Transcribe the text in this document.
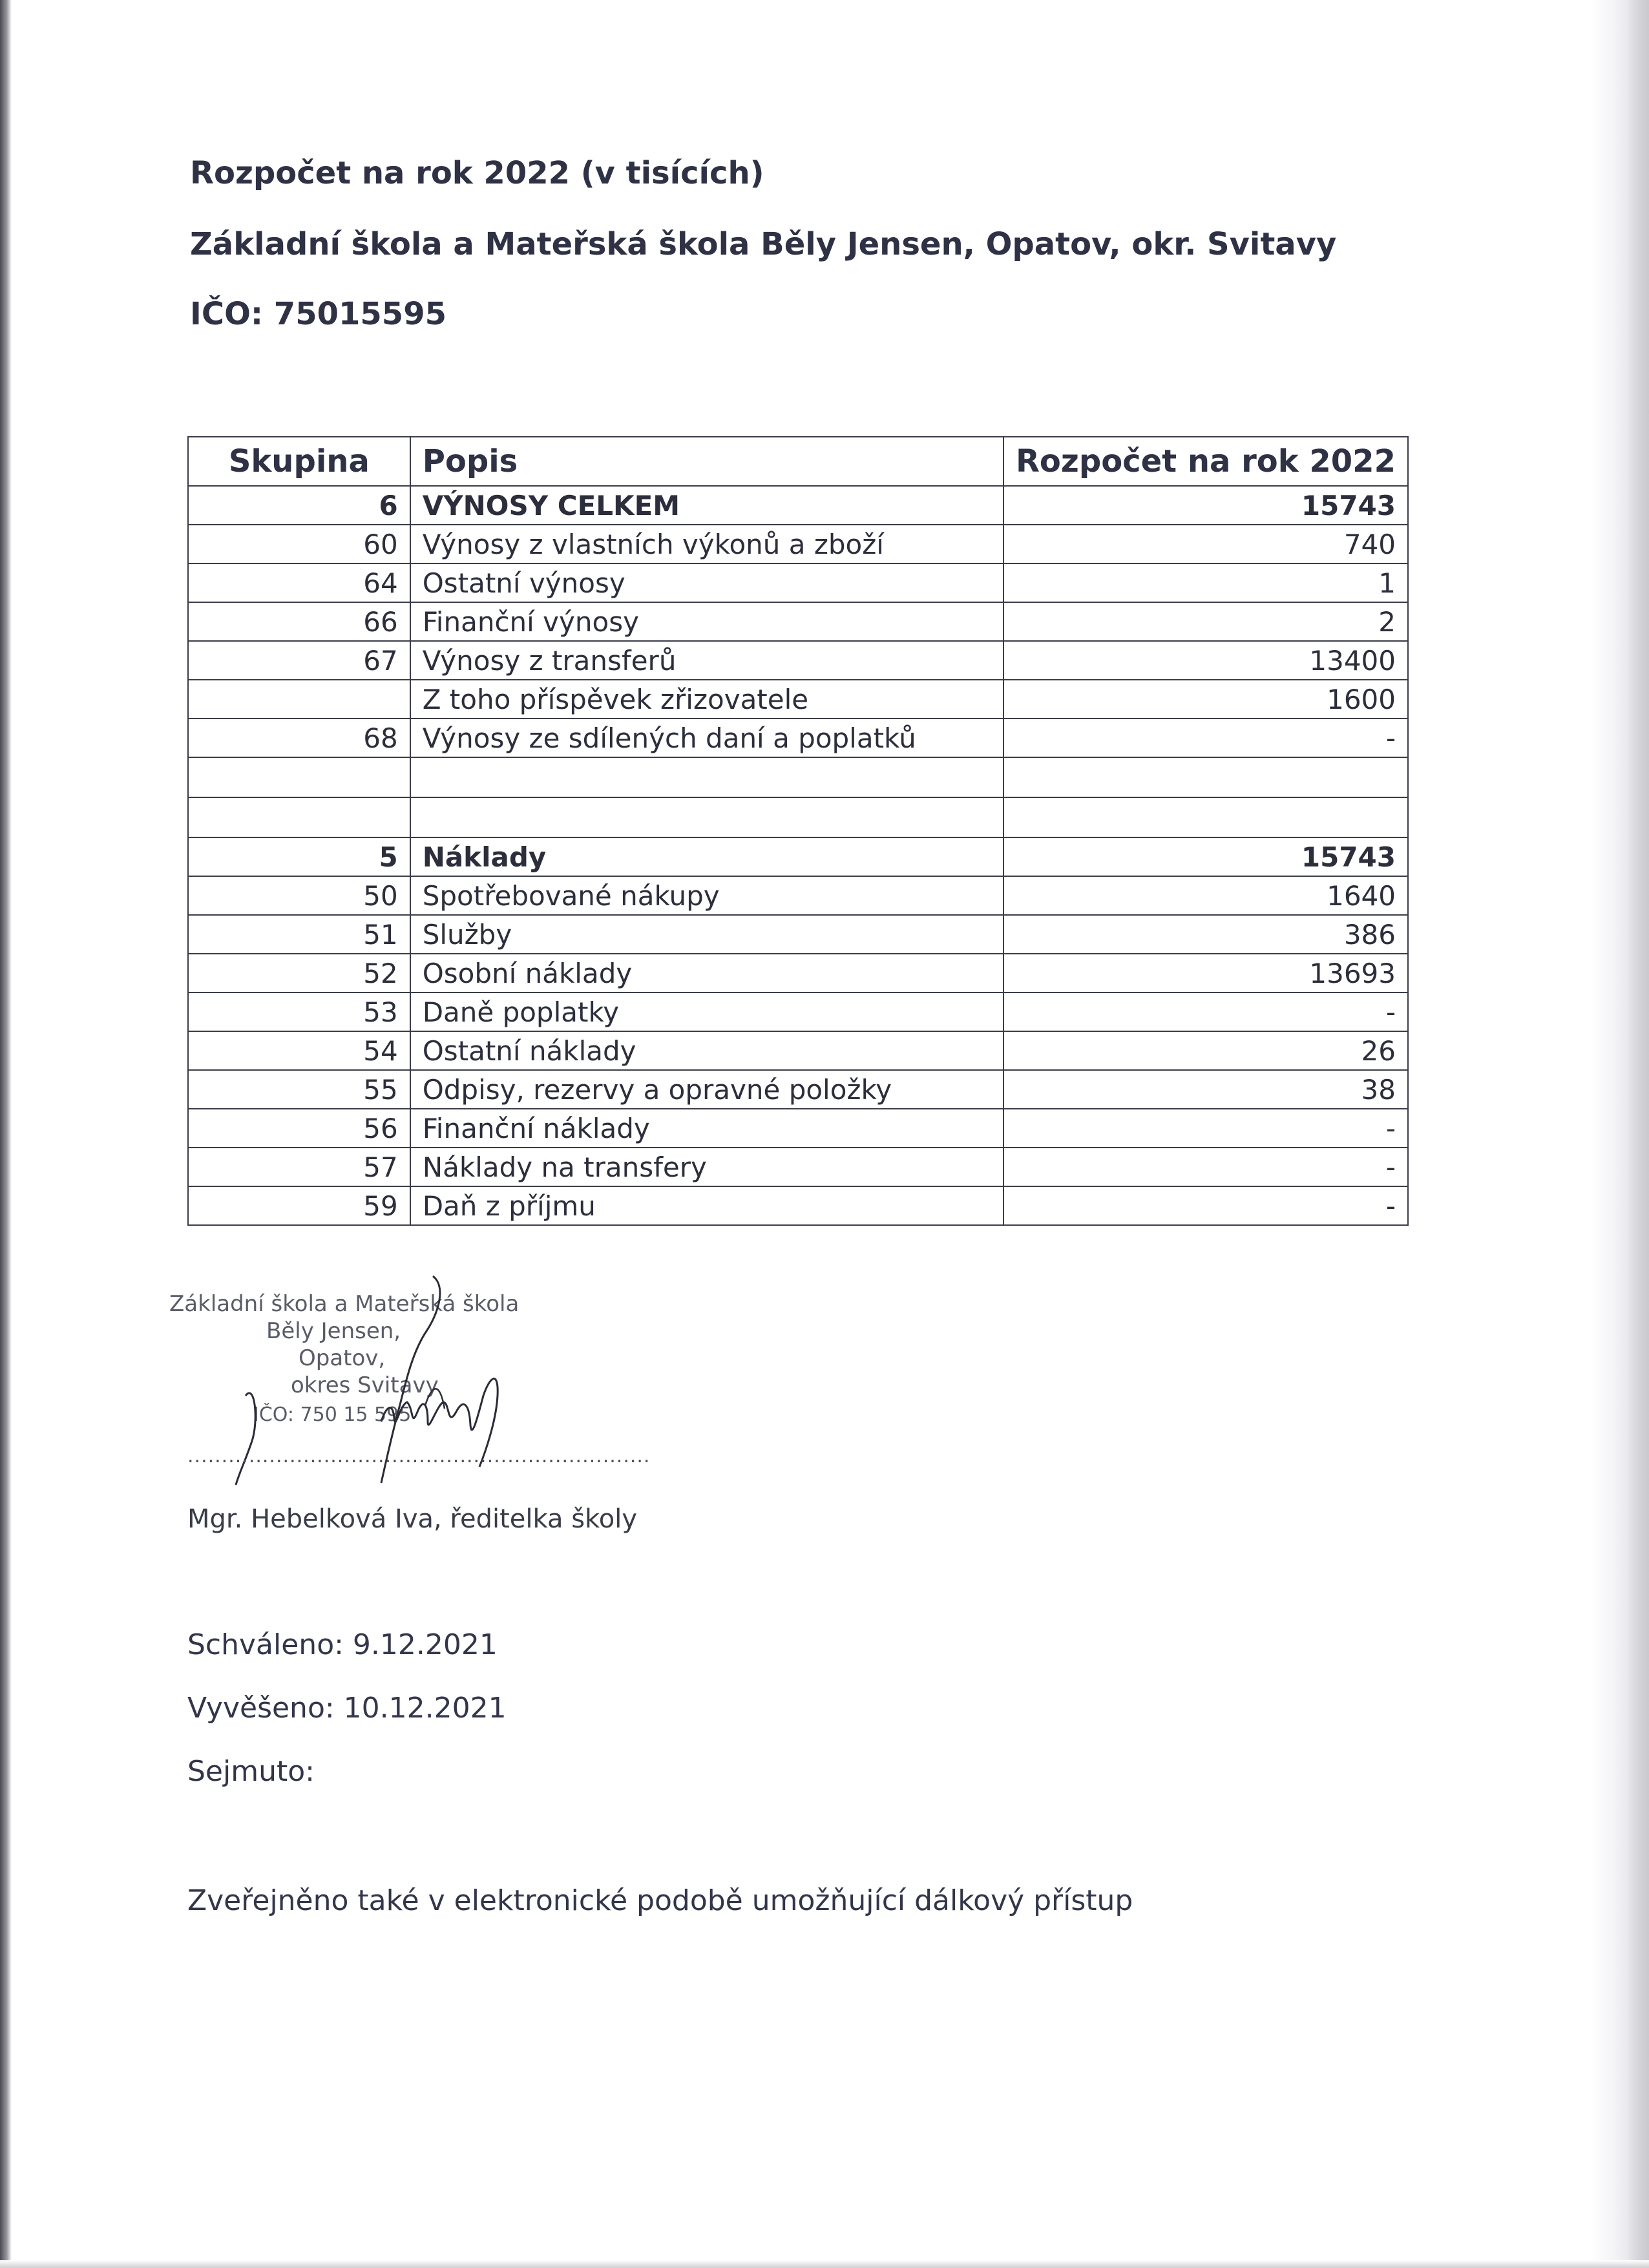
Rozpočet na rok 2022 (v tisících)
Základní škola a Mateřská škola Běly Jensen, Opatov, okr. Svitavy
IČO: 75015595
Skupina	Popis	Rozpočet na rok 2022
6	VÝNOSY CELKEM	15743
60	Výnosy z vlastních výkonů a zboží	740
64	Ostatní výnosy	1
66	Finanční výnosy	2
67	Výnosy z transferů	13400
	Z toho příspěvek zřizovatele	1600
68	Výnosy ze sdílených daní a poplatků	-

5	Náklady	15743
50	Spotřebované nákupy	1640
51	Služby	386
52	Osobní náklady	13693
53	Daně poplatky	-
54	Ostatní náklady	26
55	Odpisy, rezervy a opravné položky	38
56	Finanční náklady	-
57	Náklady na transfery	-
59	Daň z příjmu	-
Základní škola a Mateřská škola
Běly Jensen,
Opatov,
okres Svitavy
IČO: 750 15 595
....................................................................
Mgr. Hebelková Iva, ředitelka školy
Schváleno: 9.12.2021
Vyvěšeno: 10.12.2021
Sejmuto:
Zveřejněno také v elektronické podobě umožňující dálkový přístup
